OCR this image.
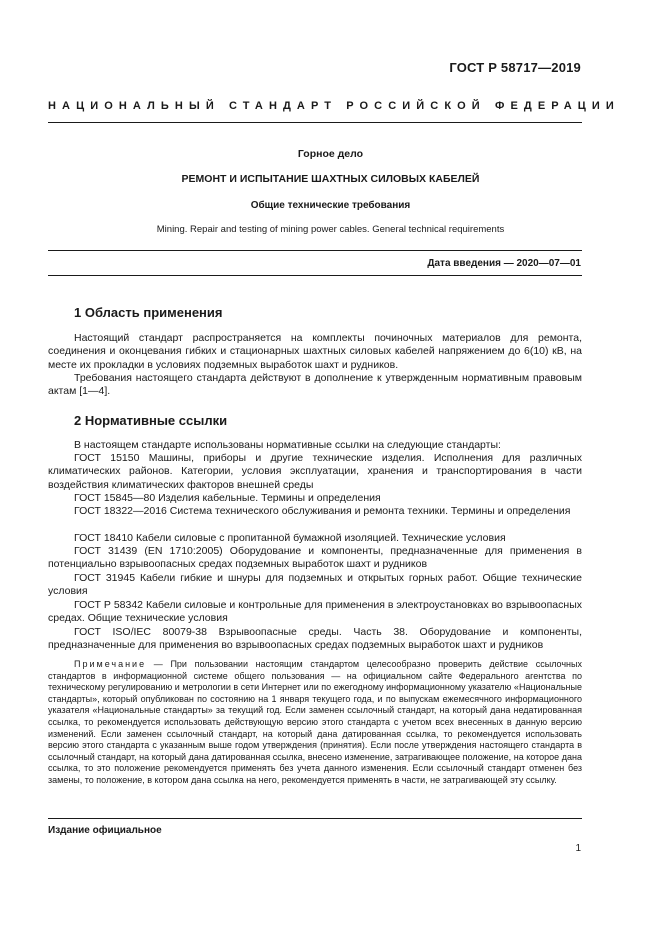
ГОСТ Р 58717—2019
НАЦИОНАЛЬНЫЙ СТАНДАРТ РОССИЙСКОЙ ФЕДЕРАЦИИ
Горное дело
РЕМОНТ И ИСПЫТАНИЕ ШАХТНЫХ СИЛОВЫХ КАБЕЛЕЙ
Общие технические требования
Mining. Repair and testing of mining power cables. General technical requirements
Дата введения — 2020—07—01
1 Область применения
Настоящий стандарт распространяется на комплекты починочных материалов для ремонта, соединения и оконцевания гибких и стационарных шахтных силовых кабелей напряжением до 6(10) кВ, на месте их прокладки в условиях подземных выработок шахт и рудников.
Требования настоящего стандарта действуют в дополнение к утвержденным нормативным правовым актам [1—4].
2 Нормативные ссылки
В настоящем стандарте использованы нормативные ссылки на следующие стандарты:
ГОСТ 15150 Машины, приборы и другие технические изделия. Исполнения для различных климатических районов. Категории, условия эксплуатации, хранения и транспортирования в части воздействия климатических факторов внешней среды
ГОСТ 15845—80 Изделия кабельные. Термины и определения
ГОСТ 18322—2016 Система технического обслуживания и ремонта техники. Термины и определения
ГОСТ 18410 Кабели силовые с пропитанной бумажной изоляцией. Технические условия
ГОСТ 31439 (EN 1710:2005) Оборудование и компоненты, предназначенные для применения в потенциально взрывоопасных средах подземных выработок шахт и рудников
ГОСТ 31945 Кабели гибкие и шнуры для подземных и открытых горных работ. Общие технические условия
ГОСТ Р 58342 Кабели силовые и контрольные для применения в электроустановках во взрывоопасных средах. Общие технические условия
ГОСТ ISO/IEC 80079-38 Взрывоопасные среды. Часть 38. Оборудование и компоненты, предназначенные для применения во взрывоопасных средах подземных выработок шахт и рудников
Примечание — При пользовании настоящим стандартом целесообразно проверить действие ссылочных стандартов в информационной системе общего пользования — на официальном сайте Федерального агентства по техническому регулированию и метрологии в сети Интернет или по ежегодному информационному указателю «Национальные стандарты», который опубликован по состоянию на 1 января текущего года, и по выпускам ежемесячного информационного указателя «Национальные стандарты» за текущий год. Если заменен ссылочный стандарт, на который дана недатированная ссылка, то рекомендуется использовать действующую версию этого стандарта с учетом всех внесенных в данную версию изменений. Если заменен ссылочный стандарт, на который дана датированная ссылка, то рекомендуется использовать версию этого стандарта с указанным выше годом утверждения (принятия). Если после утверждения настоящего стандарта в ссылочный стандарт, на который дана датированная ссылка, внесено изменение, затрагивающее положение, на которое дана ссылка, то это положение рекомендуется применять без учета данного изменения. Если ссылочный стандарт отменен без замены, то положение, в котором дана ссылка на него, рекомендуется применять в части, не затрагивающей эту ссылку.
Издание официальное
1
